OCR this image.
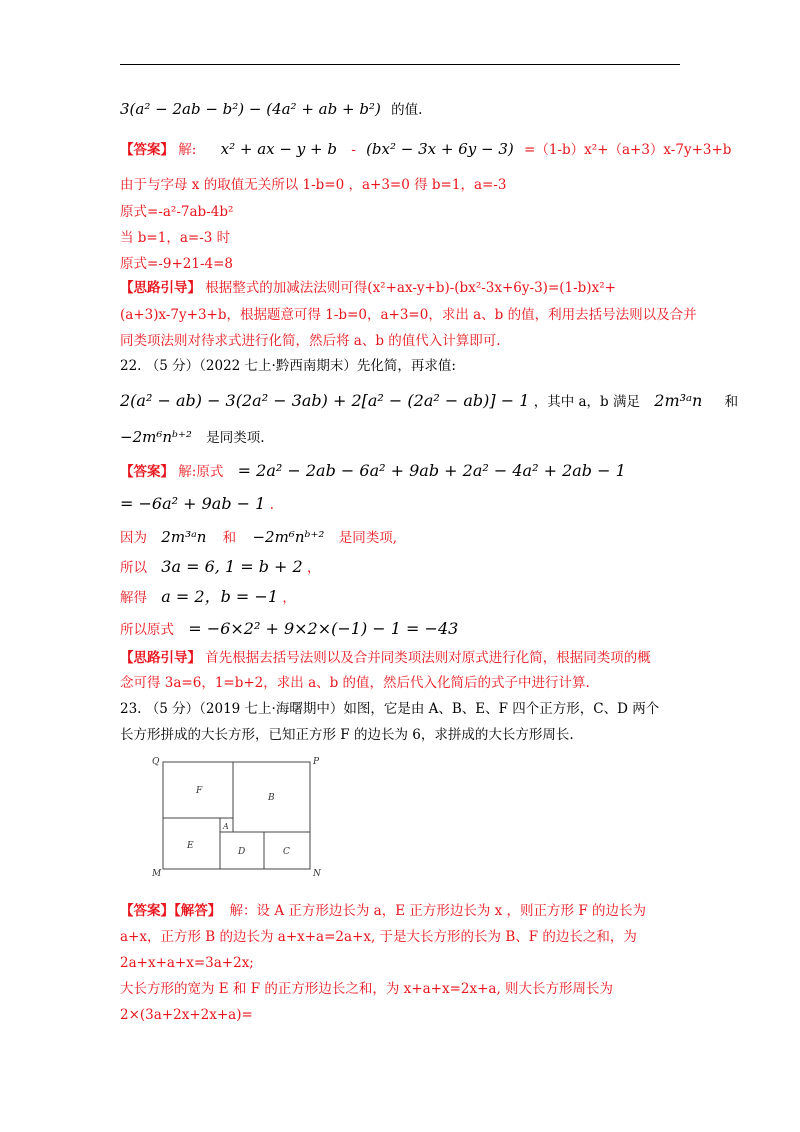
3(a² − 2ab − b²) − (4a² + ab + b²) 的值.
【答案】 解: x² + ax − y + b - (bx² − 3x + 6y − 3) =（1-b）x²+（a+3）x-7y+3+b
由于与字母 x 的取值无关所以 1-b=0 ，a+3=0 得 b=1，a=-3
原式=-a²-7ab-4b²
当 b=1，a=-3 时
原式=-9+21-4=8
【思路引导】 根据整式的加减法法则可得(x²+ax-y+b)-(bx²-3x+6y-3)=(1-b)x²+
(a+3)x-7y+3+b，根据题意可得 1-b=0，a+3=0，求出 a、b 的值，利用去括号法则以及合并
同类项法则对待求式进行化简，然后将 a、b 的值代入计算即可.
22. （5 分）（2022 七上·黔西南期末）先化简，再求值:
2(a² − ab) − 3(2a² − 3ab) + 2[a² − (2a² − ab)] − 1 ，其中 a，b 满足 2m³ᵃn 和
−2m⁶nᵇ⁺² 是同类项.
【答案】 解:原式 = 2a² − 2ab − 6a² + 9ab + 2a² − 4a² + 2ab − 1
= −6a² + 9ab − 1 .
因为 2m³ᵃn 和 −2m⁶nᵇ⁺² 是同类项,
所以 3a = 6, 1 = b + 2 ，
解得 a = 2，b = −1 ，
所以原式 = −6×2² + 9×2×(−1) − 1 = −43
【思路引导】 首先根据去括号法则以及合并同类项法则对原式进行化简，根据同类项的概
念可得 3a=6，1=b+2，求出 a、b 的值，然后代入化简后的式子中进行计算.
23. （5 分）（2019 七上·海曙期中）如图，它是由 A、B、E、F 四个正方形，C、D 两个
长方形拼成的大长方形，已知正方形 F 的边长为 6，求拼成的大长方形周长.
Q	P
M	N
F
B
A
E
D	C
【答案】【解答】 解：设 A 正方形边长为 a，E 正方形边长为 x ，则正方形 F 的边长为
a+x，正方形 B 的边长为 a+x+a=2a+x, 于是大长方形的长为 B、F 的边长之和，为
2a+x+a+x=3a+2x;
大长方形的宽为 E 和 F 的正方形边长之和，为 x+a+x=2x+a, 则大长方形周长为
2×(3a+2x+2x+a)=
